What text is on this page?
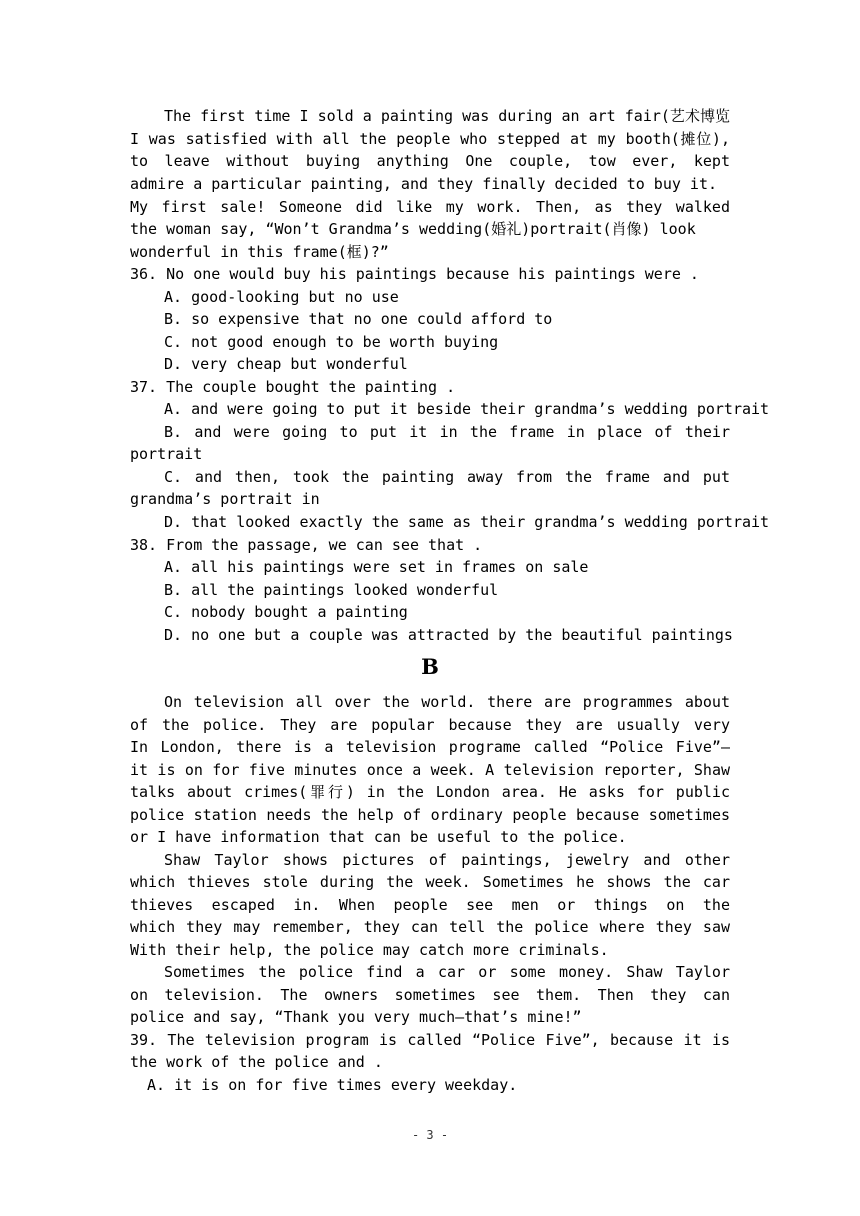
The first time I sold a painting was during an art fair(艺术博览
I was satisfied with all the people who stepped at my booth(摊位),
to leave without buying anything One couple, tow ever, kept
admire a particular painting, and they finally decided to buy it.
My first sale! Someone did like my work. Then, as they walked
the woman say, “Won’t Grandma’s wedding(婚礼)portrait(肖像) look
wonderful in this frame(框)?”
36. No one would buy his paintings because his paintings were .
A. good-looking but no use
B. so expensive that no one could afford to
C. not good enough to be worth buying
D. very cheap but wonderful
37. The couple bought the painting .
A. and were going to put it beside their grandma’s wedding portrait
B. and were going to put it in the frame in place of their
portrait
C. and then, took the painting away from the frame and put
grandma’s portrait in
D. that looked exactly the same as their grandma’s wedding portrait
38. From the passage, we can see that .
A. all his paintings were set in frames on sale
B. all the paintings looked wonderful
C. nobody bought a painting
D. no one but a couple was attracted by the beautiful paintings
B
On television all over the world. there are programmes about
of the police. They are popular because they are usually very
In London, there is a television programe called “Police Five”—
it is on for five minutes once a week. A television reporter, Shaw
talks about crimes(罪行) in the London area. He asks for public
police station needs the help of ordinary people because sometimes
or I have information that can be useful to the police.
Shaw Taylor shows pictures of paintings, jewelry and other
which thieves stole during the week. Sometimes he shows the car
thieves escaped in. When people see men or things on the
which they may remember, they can tell the police where they saw
With their help, the police may catch more criminals.
Sometimes the police find a car or some money. Shaw Taylor
on television. The owners sometimes see them. Then they can
police and say, “Thank you very much—that’s mine!”
39. The television program is called “Police Five”, because it is
the work of the police and .
A. it is on for five times every weekday.
- 3 -
